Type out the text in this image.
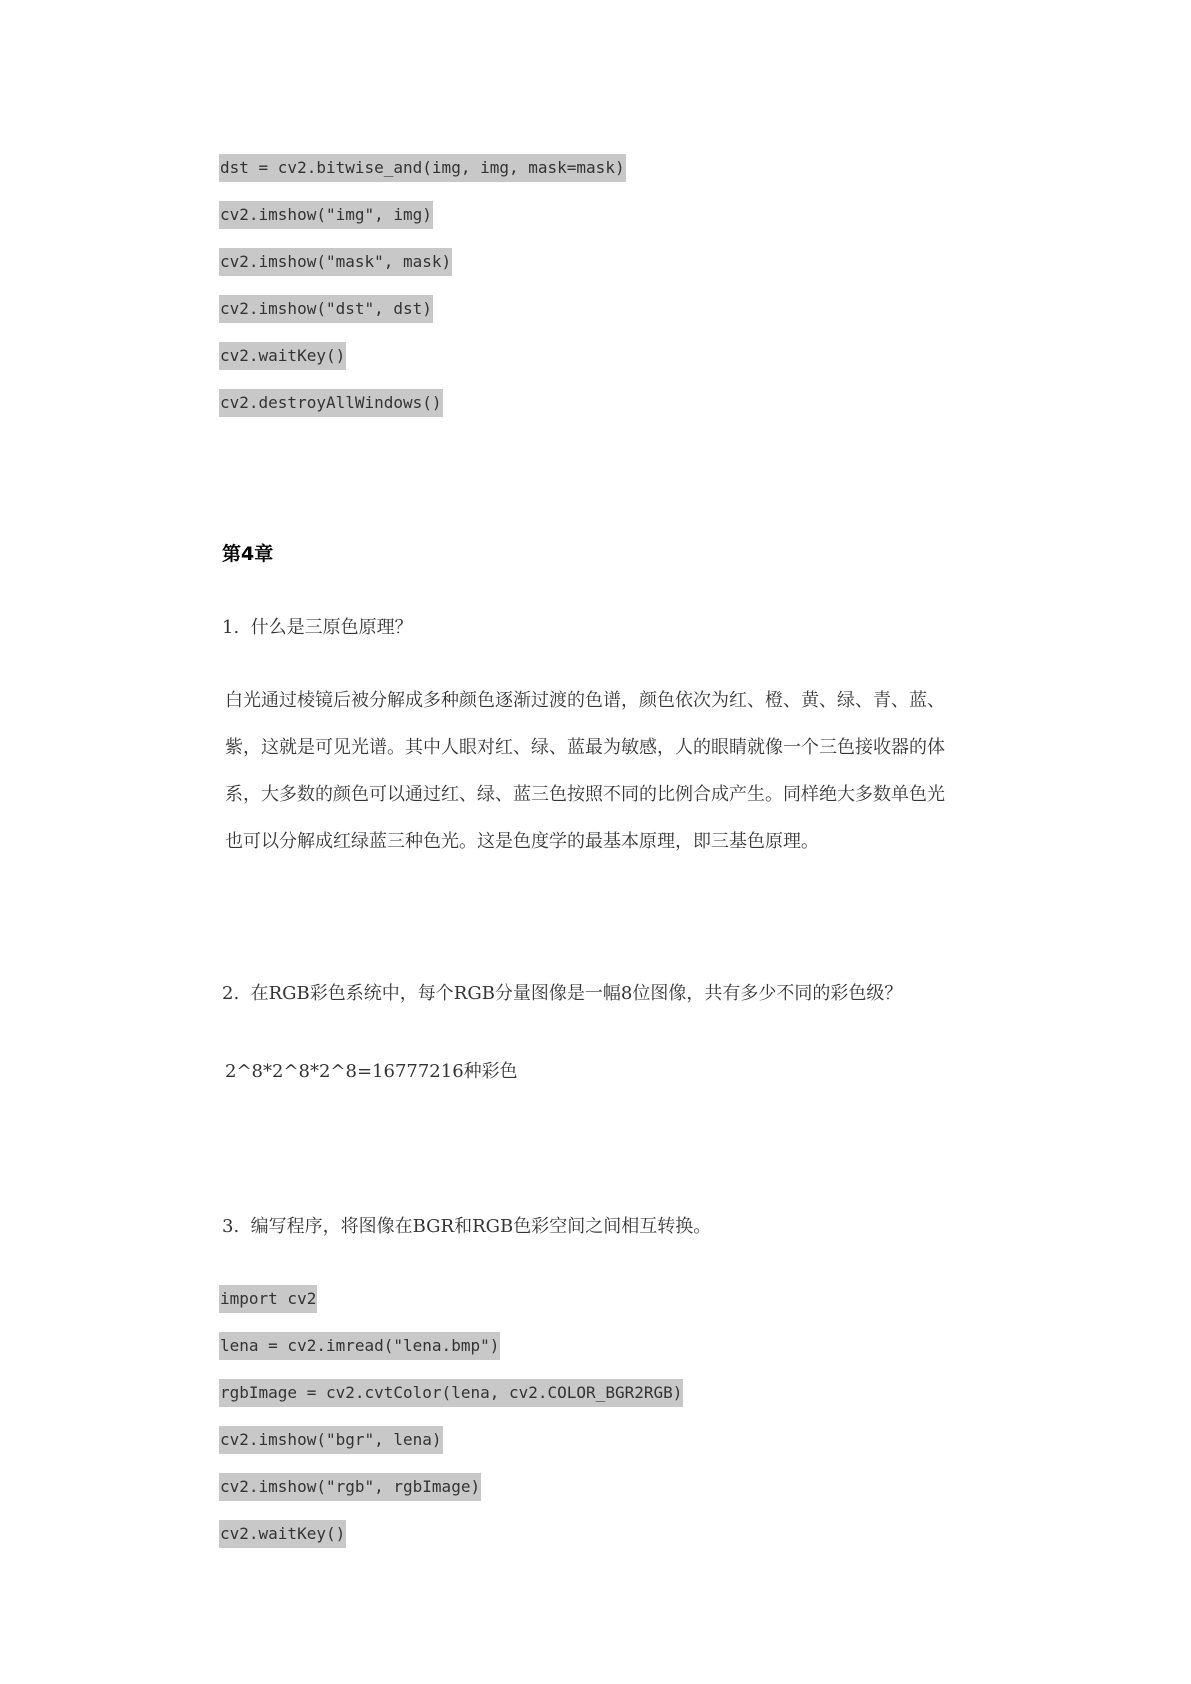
dst = cv2.bitwise_and(img, img, mask=mask)
cv2.imshow("img", img)
cv2.imshow("mask", mask)
cv2.imshow("dst", dst)
cv2.waitKey()
cv2.destroyAllWindows()
第4章
1.  什么是三原色原理？
白光通过棱镜后被分解成多种颜色逐渐过渡的色谱，颜色依次为红、橙、黄、绿、青、蓝、
紫，这就是可见光谱。其中人眼对红、绿、蓝最为敏感，人的眼睛就像一个三色接收器的体
系，大多数的颜色可以通过红、绿、蓝三色按照不同的比例合成产生。同样绝大多数单色光
也可以分解成红绿蓝三种色光。这是色度学的最基本原理，即三基色原理。
2.  在RGB彩色系统中，每个RGB分量图像是一幅8位图像，共有多少不同的彩色级？
2^8*2^8*2^8=16777216种彩色
3.  编写程序，将图像在BGR和RGB色彩空间之间相互转换。
import cv2
lena = cv2.imread("lena.bmp")
rgbImage = cv2.cvtColor(lena, cv2.COLOR_BGR2RGB)
cv2.imshow("bgr", lena)
cv2.imshow("rgb", rgbImage)
cv2.waitKey()
